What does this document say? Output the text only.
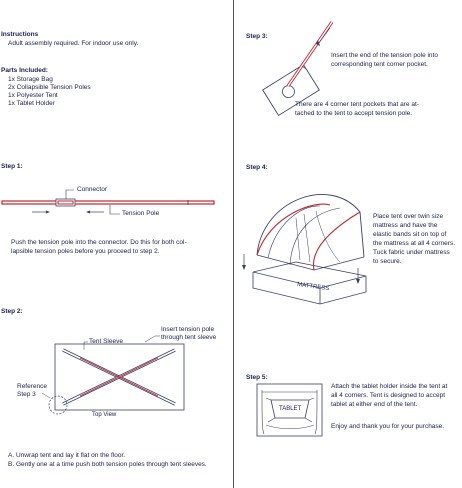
Instructions
Adult assembly required. For indoor use only.
Parts Included:
1x Storage Bag
2x Collapsible Tension Poles
1x Polyester Tent
1x Tablet Holder
Step 1:
Connector
Tension Pole
Push the tension pole into the connector. Do this for both col-
lapsible tension poles before you proceed to step 2.
Step 2:
Tent Sleeve
Insert tension pole
through tent sleeve
Reference
Step 3
Top View
A. Unwrap tent and lay it flat on the floor.
B. Gently one at a time push both tension poles through tent sleeves.
Step 3:
Insert the end of the tension pole into
corresponding tent corner pocket.
There are 4 corner tent pockets that are at-
tached to the tent to accept tension pole.
Step 4:
MATTRESS
Place tent over twin size
mattress and have the
elastic bands sit on top of
the mattress at all 4 corners.
Tuck fabric under mattress
to secure.
Step 5:
TABLET
Attach the tablet holder inside the tent at
all 4 corners. Tent is designed to accept
tablet at either end of the tent.
Enjoy and thank you for your purchase.
